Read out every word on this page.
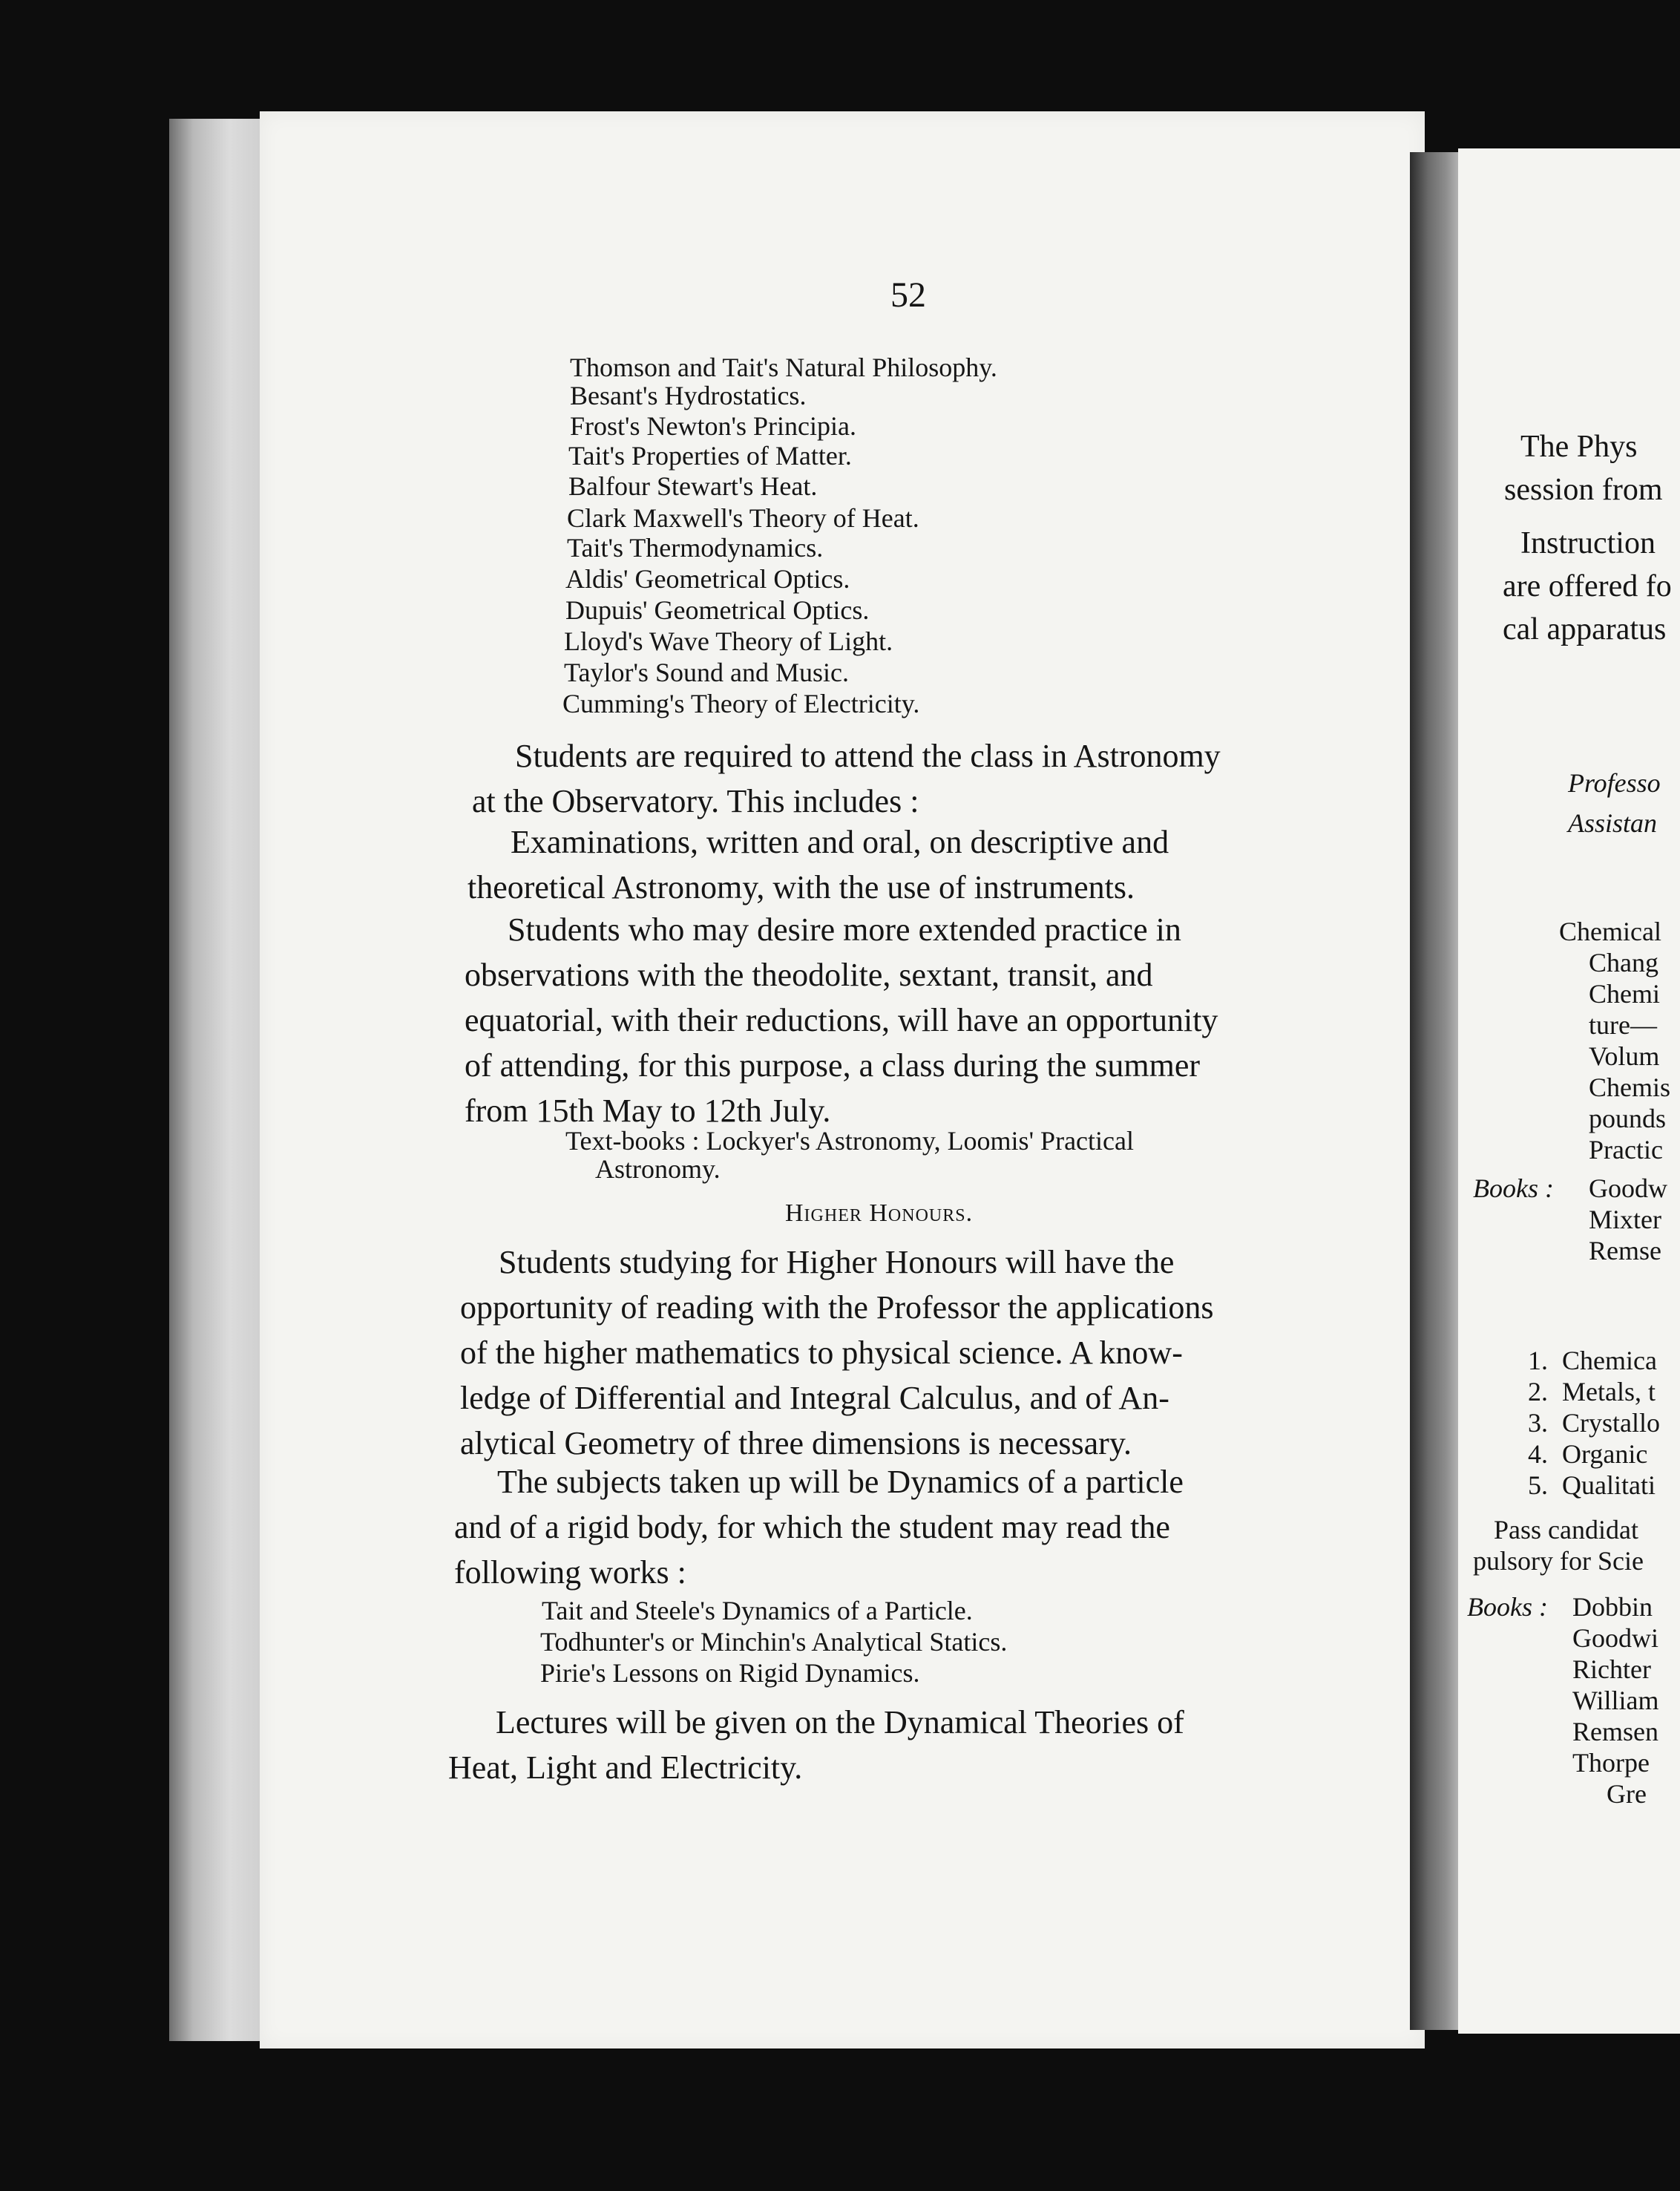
52
Thomson and Tait's Natural Philosophy.
Besant's Hydrostatics.
Frost's Newton's Principia.
Tait's Properties of Matter.
Balfour Stewart's Heat.
Clark Maxwell's Theory of Heat.
Tait's Thermodynamics.
Aldis' Geometrical Optics.
Dupuis' Geometrical Optics.
Lloyd's Wave Theory of Light.
Taylor's Sound and Music.
Cumming's Theory of Electricity.
Students are required to attend the class in Astronomy
at the Observatory. This includes :
Examinations, written and oral, on descriptive and
theoretical Astronomy, with the use of instruments.
Students who may desire more extended practice in
observations with the theodolite, sextant, transit, and
equatorial, with their reductions, will have an opportunity
of attending, for this purpose, a class during the summer
from 15th May to 12th July.
Text-books : Lockyer's Astronomy, Loomis' Practical
Astronomy.
Higher Honours.
Students studying for Higher Honours will have the
opportunity of reading with the Professor the applications
of the higher mathematics to physical science. A know-
ledge of Differential and Integral Calculus, and of An-
alytical Geometry of three dimensions is necessary.
The subjects taken up will be Dynamics of a particle
and of a rigid body, for which the student may read the
following works :
Tait and Steele's Dynamics of a Particle.
Todhunter's or Minchin's Analytical Statics.
Pirie's Lessons on Rigid Dynamics.
Lectures will be given on the Dynamical Theories of
Heat, Light and Electricity.
The Phys
session from
Instruction
are offered fo
cal apparatus
Professo
Assistan
Chemical
Chang
Chemi
ture—
Volum
Chemis
pounds
Practic
Books : Goodw
Mixter
Remse
1. Chemica
2. Metals, t
3. Crystallo
4. Organic
5. Qualitati
Pass candidat
pulsory for Scie
Books : Dobbin
Goodwi
Richter
William
Remsen
Thorpe
Gre
